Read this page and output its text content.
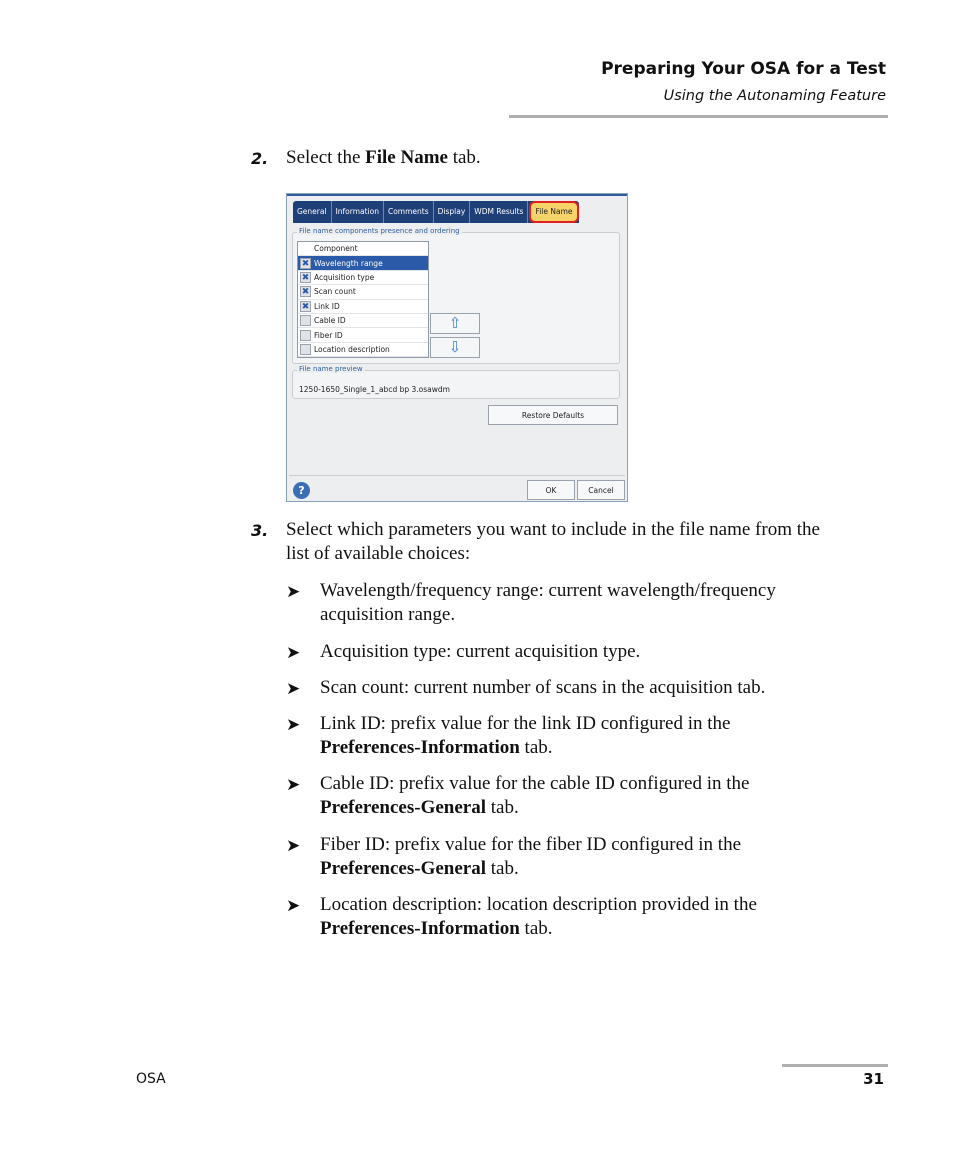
Preparing Your OSA for a Test
Using the Autonaming Feature
2. Select the File Name tab.
General	Information	Comments	Display	WDM Results	File Name
File name components presence and ordering
Component
✖ Wavelength range
✖ Acquisition type
✖ Scan count
✖ Link ID
Cable ID
Fiber ID
Location description
⇧
⇩
File name preview
1250-1650_Single_1_abcd bp 3.osawdm
Restore Defaults
?	OK	Cancel
3. Select which parameters you want to include in the file name from the
list of available choices:
➤ Wavelength/frequency range: current wavelength/frequency
acquisition range.
➤ Acquisition type: current acquisition type.
➤ Scan count: current number of scans in the acquisition tab.
➤ Link ID: prefix value for the link ID configured in the
Preferences-Information tab.
➤ Cable ID: prefix value for the cable ID configured in the
Preferences-General tab.
➤ Fiber ID: prefix value for the fiber ID configured in the
Preferences-General tab.
➤ Location description: location description provided in the
Preferences-Information tab.
OSA	31
